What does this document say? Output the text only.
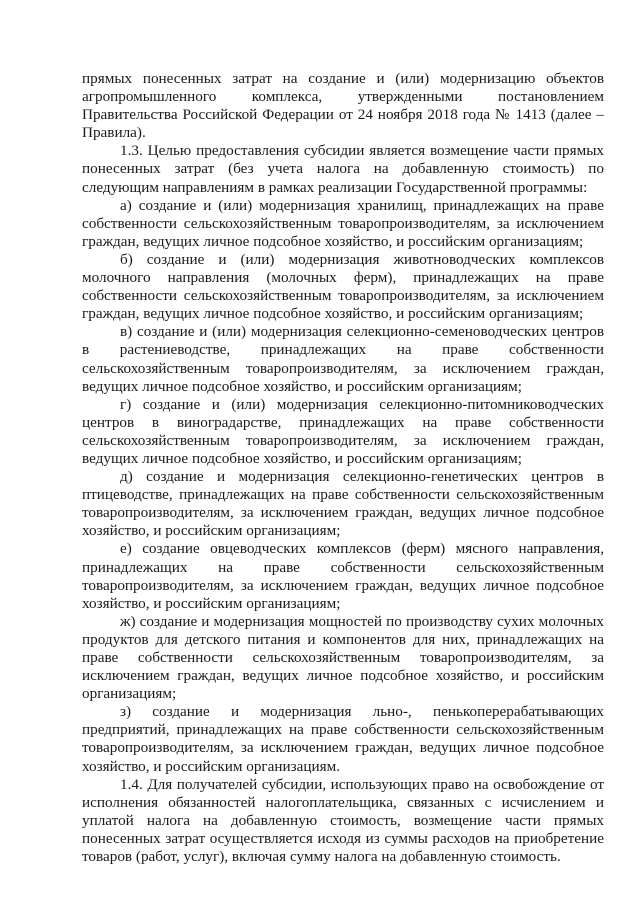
прямых понесенных затрат на создание и (или) модернизацию объектов агропромышленного комплекса, утвержденными постановлением Правительства Российской Федерации от 24 ноября 2018 года № 1413 (далее – Правила).

1.3. Целью предоставления субсидии является возмещение части прямых понесенных затрат (без учета налога на добавленную стоимость) по следующим направлениям в рамках реализации Государственной программы:

а) создание и (или) модернизация хранилищ, принадлежащих на праве собственности сельскохозяйственным товаропроизводителям, за исключением граждан, ведущих личное подсобное хозяйство, и российским организациям;

б) создание и (или) модернизация животноводческих комплексов молочного направления (молочных ферм), принадлежащих на праве собственности сельскохозяйственным товаропроизводителям, за исключением граждан, ведущих личное подсобное хозяйство, и российским организациям;

в) создание и (или) модернизация селекционно-семеноводческих центров в растениеводстве, принадлежащих на праве собственности сельскохозяйственным товаропроизводителям, за исключением граждан, ведущих личное подсобное хозяйство, и российским организациям;

г) создание и (или) модернизация селекционно-питомниководческих центров в виноградарстве, принадлежащих на праве собственности сельскохозяйственным товаропроизводителям, за исключением граждан, ведущих личное подсобное хозяйство, и российским организациям;

д) создание и модернизация селекционно-генетических центров в птицеводстве, принадлежащих на праве собственности сельскохозяйственным товаропроизводителям, за исключением граждан, ведущих личное подсобное хозяйство, и российским организациям;

е) создание овцеводческих комплексов (ферм) мясного направления, принадлежащих на праве собственности сельскохозяйственным товаропроизводителям, за исключением граждан, ведущих личное подсобное хозяйство, и российским организациям;

ж) создание и модернизация мощностей по производству сухих молочных продуктов для детского питания и компонентов для них, принадлежащих на праве собственности сельскохозяйственным товаропроизводителям, за исключением граждан, ведущих личное подсобное хозяйство, и российским организациям;

з) создание и модернизация льно-, пенькоперерабатывающих предприятий, принадлежащих на праве собственности сельскохозяйственным товаропроизводителям, за исключением граждан, ведущих личное подсобное хозяйство, и российским организациям.

1.4. Для получателей субсидии, использующих право на освобождение от исполнения обязанностей налогоплательщика, связанных с исчислением и уплатой налога на добавленную стоимость, возмещение части прямых понесенных затрат осуществляется исходя из суммы расходов на приобретение товаров (работ, услуг), включая сумму налога на добавленную стоимость.
